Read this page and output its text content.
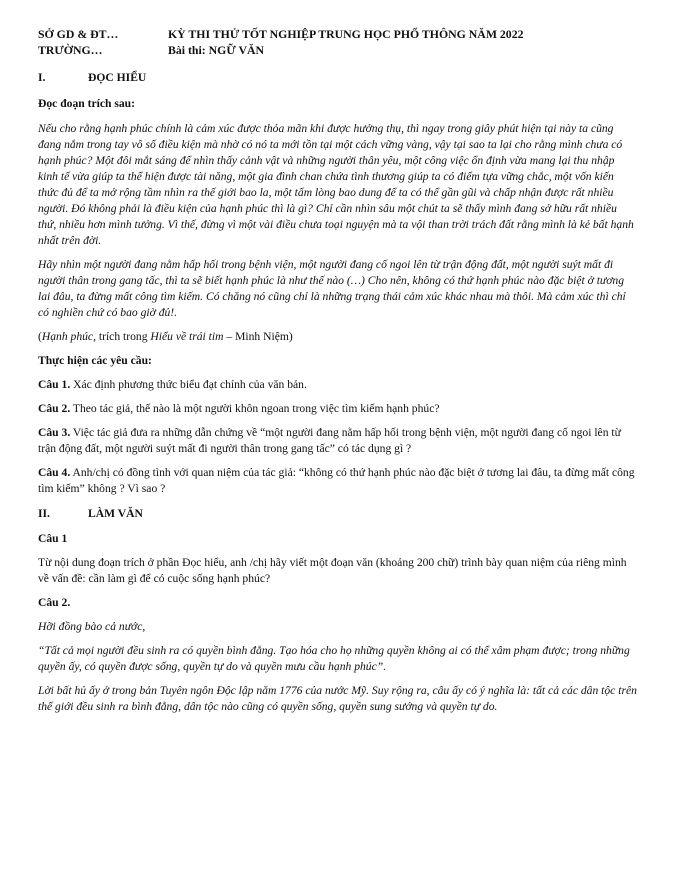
SỞ GD & ĐT…
TRƯỜNG…
KỲ THI THỬ TỐT NGHIỆP TRUNG HỌC PHỔ THÔNG NĂM 2022
Bài thi: NGỮ VĂN
I.	ĐỌC HIỂU

Đọc đoạn trích sau:

Nếu cho rằng hạnh phúc chính là cảm xúc được thỏa mãn khi được hưởng thụ, thì ngay trong giây phút hiện tại này ta cũng đang nắm trong tay vô số điều kiện mà nhờ có nó ta mới tồn tại một cách vững vàng, vậy tại sao ta lại cho rằng mình chưa có hạnh phúc? Một đôi mắt sáng để nhìn thấy cảnh vật và những người thân yêu, một công việc ổn định vừa mang lại thu nhập kinh tế vừa giúp ta thể hiện được tài năng, một gia đình chan chứa tình thương giúp ta có điểm tựa vững chắc, một vốn kiến thức đủ để ta mở rộng tầm nhìn ra thế giới bao la, một tấm lòng bao dung để ta có thể gần gũi và chấp nhận được rất nhiều người. Đó không phải là điều kiện của hạnh phúc thì là gì? Chỉ cần nhìn sâu một chút ta sẽ thấy mình đang sở hữu rất nhiều thứ, nhiều hơn mình tưởng. Vì thế, đừng vì một vài điều chưa toại nguyện mà ta vội than trời trách đất rằng mình là kẻ bất hạnh nhất trên đời.

Hãy nhìn một người đang nằm hấp hối trong bệnh viện, một người đang cố ngoi lên từ trận động đất, một người suýt mất đi người thân trong gang tấc, thì ta sẽ biết hạnh phúc là như thế nào (…) Cho nên, không có thứ hạnh phúc nào đặc biệt ở tương lai đâu, ta đừng mất công tìm kiếm. Có chăng nó cũng chỉ là những trạng thái cảm xúc khác nhau mà thôi. Mà cảm xúc thì chỉ có nghiền chứ có bao giờ đủ!.

(Hạnh phúc, trích trong Hiểu về trái tim – Minh Niệm)

Thực hiện các yêu cầu:

Câu 1. Xác định phương thức biểu đạt chính của văn bản.

Câu 2. Theo tác giả, thế nào là một người khôn ngoan trong việc tìm kiếm hạnh phúc?

Câu 3. Việc tác giả đưa ra những dẫn chứng về “một người đang nằm hấp hối trong bệnh viện, một người đang cố ngoi lên từ trận động đất, một người suýt mất đi người thân trong gang tấc” có tác dụng gì ?

Câu 4. Anh/chị có đồng tình với quan niệm của tác giả: “không có thứ hạnh phúc nào đặc biệt ở tương lai đâu, ta đừng mất công tìm kiếm” không ? Vì sao ?

II.	LÀM VĂN

Câu 1

Từ nội dung đoạn trích ở phần Đọc hiểu, anh /chị hãy viết một đoạn văn (khoảng 200 chữ) trình bày quan niệm của riêng mình về vấn đề: cần làm gì để có cuộc sống hạnh phúc?

Câu 2.

Hỡi đồng bào cả nước,

“Tất cả mọi người đều sinh ra có quyền bình đẳng. Tạo hóa cho họ những quyền không ai có thể xâm phạm được; trong những quyền ấy, có quyền được sống, quyền tự do và quyền mưu cầu hạnh phúc”.

Lời bất hủ ấy ở trong bản Tuyên ngôn Độc lập năm 1776 của nước Mỹ. Suy rộng ra, câu ấy có ý nghĩa là: tất cả các dân tộc trên thế giới đều sinh ra bình đẳng, dân tộc nào cũng có quyền sống, quyền sung sướng và quyền tự do.
